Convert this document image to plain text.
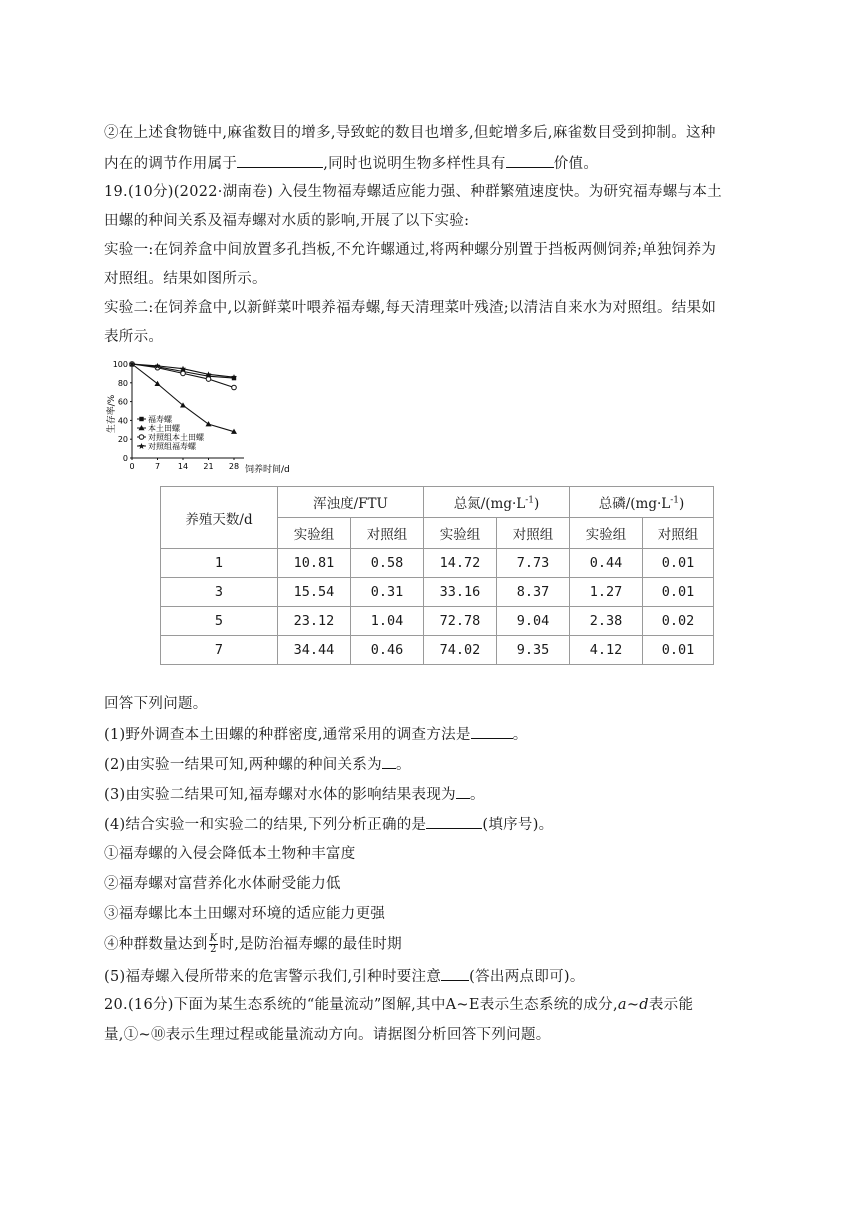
②在上述食物链中,麻雀数目的增多,导致蛇的数目也增多,但蛇增多后,麻雀数目受到抑制。这种
内在的调节作用属于	,同时也说明生物多样性具有	价值。
19.(10分)(2022·湖南卷) 入侵生物福寿螺适应能力强、种群繁殖速度快。为研究福寿螺与本土
田螺的种间关系及福寿螺对水质的影响,开展了以下实验:
实验一:在饲养盒中间放置多孔挡板,不允许螺通过,将两种螺分别置于挡板两侧饲养;单独饲养为
对照组。结果如图所示。
实验二:在饲养盒中,以新鲜菜叶喂养福寿螺,每天清理菜叶残渣;以清洁自来水为对照组。结果如
表所示。
0
20
40
60
80
100
0	7 14 21 28
生存率/%
饲养时间/d
福寿螺
本土田螺
对照组本土田螺
对照组福寿螺
养殖天数/d	浑浊度/FTU		总氮$/(mg\cdot L^{-1})$		总磷$/(mg\cdot L^{-1})$	
	实验组	对照组	实验组	对照组	实验组	对照组
1	10.81	0.58	14.72	7.73	0.44	0.01
3	15.54	0.31	33.16	8.37	1.27	0.01
5	23.12	1.04	72.78	9.04	2.38	0.02
7	34.44	0.46	74.02	9.35	4.12	0.01
回答下列问题。
(1)野外调查本土田螺的种群密度,通常采用的调查方法是	。
(2)由实验一结果可知,两种螺的种间关系为 。
(3)由实验二结果可知,福寿螺对水体的影响结果表现为 。
(4)结合实验一和实验二的结果,下列分析正确的是	(填序号)。
①福寿螺的入侵会降低本土物种丰富度
②福寿螺对富营养化水体耐受能力低
③福寿螺比本土田螺对环境的适应能力更强
④种群数量达到 $\frac{K}{2}$ 时,是防治福寿螺的最佳时期
(5)福寿螺入侵所带来的危害警示我们,引种时要注意 (答出两点即可)。
20.(16分)下面为某生态系统的“能量流动”图解,其中A~E表示生态系统的成分,a~d表示能
量,①~⑩表示生理过程或能量流动方向。请据图分析回答下列问题。
